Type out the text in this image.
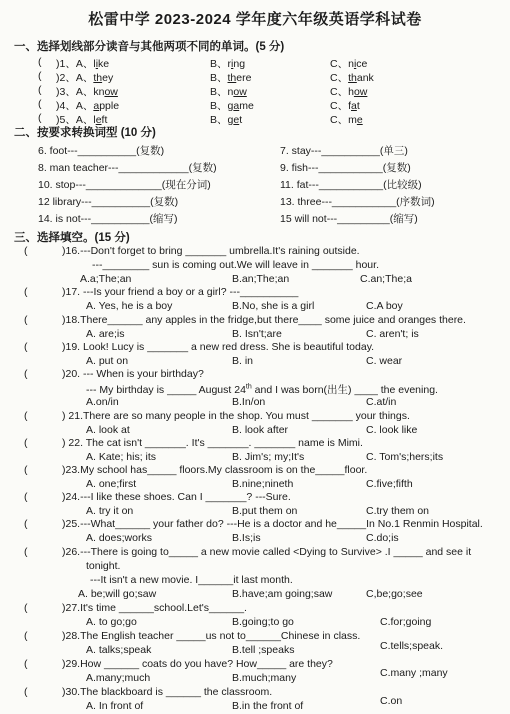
松雷中学 2023-2024 学年度六年级英语学科试卷
一、选择划线部分读音与其他两项不同的单词。(5 分)
( )1、A、like	B、ring	C、nice
( )2、A、they	B、there	C、thank
( )3、A、know	B、now	C、how
( )4、A、apple	B、game	C、fat
( )5、A、left	B、get	C、me
二、按要求转换词型 (10 分)
6. foot---__________(复数)	7. stay---__________(单三)
8. man teacher---____________(复数)	9. fish---___________(复数)
10. stop---_____________(现在分词)	11. fat---___________(比较级)
12 library---__________(复数)	13. three---___________(序数词)
14. is not---__________(缩写)	15 will not---_________(缩写)
三、选择填空。(15 分)
(	)16.---Don't forget to bring _______ umbrella.It's raining outside.
---________ sun is coming out.We will leave in _______ hour.
A.a;The;an	B.an;The;an	C.an;The;a
(	)17. ---Is your friend a boy or a girl? ---__________
A. Yes, he is a boy	B.No, she is a girl	C.A boy
(	)18.There______ any apples in the fridge,but there____ some juice and oranges there.
A. are;is	B. Isn't;are	C. aren't; is
(	)19. Look! Lucy is _______ a new red dress. She is beautiful today.
A. put on	B. in	C. wear
(	)20. --- When is your birthday?
--- My birthday is _____ August 24th and I was born(出生) ____ the evening.
A.on/in	B.In/on	C.at/in
(	) 21.There are so many people in the shop. You must _______ your things.
A. look at	B. look after	C. look like
(	) 22. The cat isn't _______. It's _______. _______ name is Mimi.
A. Kate; his; its	B. Jim's; my;It's	C. Tom's;hers;its
(	)23.My school has_____ floors.My classroom is on the_____floor.
A. one;first	B.nine;nineth	C.five;fifth
(	)24.---I like these shoes. Can I _______? ---Sure.
A. try it on	B.put them on	C.try them on
(	)25.---What______ your father do? ---He is a doctor and he_____In No.1 Renmin Hospital.
A. does;works	B.Is;is	C.do;is
(	)26.---There is going to_____ a new movie called <Dying to Survive> .I _____ and see it
tonight.
---It isn't a new movie. I______it last month.
A. be;will go;saw	B.have;am going;saw	C,be;go;see
(	)27.It's time ______school.Let's______.
A. to go;go	B.going;to go	C.for;going
(	)28.The English teacher _____us not to______Chinese in class.
A. talks;speak	B.tell ;speaks	C.tells;speak.
(	)29.How ______ coats do you have? How_____ are they?
A.many;much	B.much;many	C.many ;many
(	)30.The blackboard is ______ the classroom.
A. In front of	B.in the front of	C.on
